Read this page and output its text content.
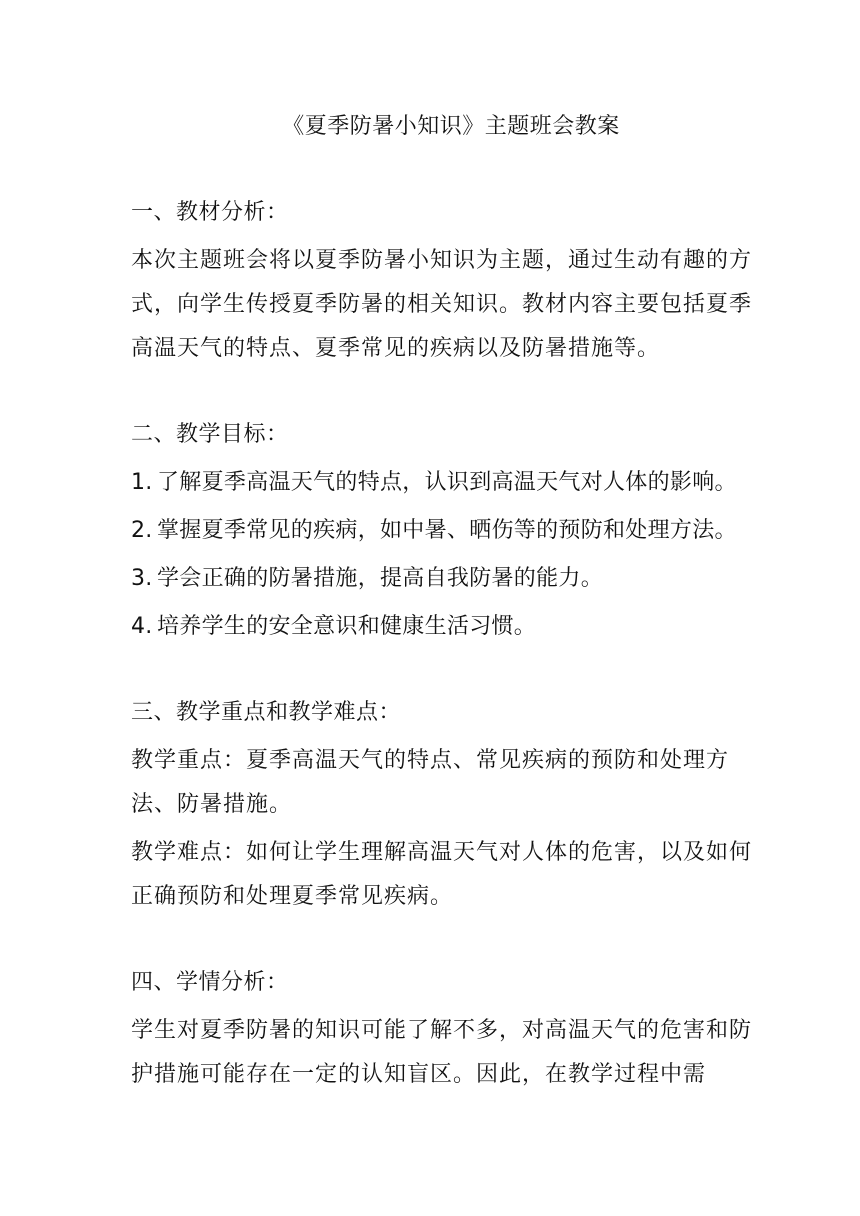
《夏季防暑小知识》主题班会教案
一、教材分析：
本次主题班会将以夏季防暑小知识为主题，通过生动有趣的方式，向学生传授夏季防暑的相关知识。教材内容主要包括夏季高温天气的特点、夏季常见的疾病以及防暑措施等。
二、教学目标：
1. 了解夏季高温天气的特点，认识到高温天气对人体的影响。
2. 掌握夏季常见的疾病，如中暑、晒伤等的预防和处理方法。
3. 学会正确的防暑措施，提高自我防暑的能力。
4. 培养学生的安全意识和健康生活习惯。
三、教学重点和教学难点：
教学重点：夏季高温天气的特点、常见疾病的预防和处理方法、防暑措施。
教学难点：如何让学生理解高温天气对人体的危害，以及如何正确预防和处理夏季常见疾病。
四、学情分析：
学生对夏季防暑的知识可能了解不多，对高温天气的危害和防护措施可能存在一定的认知盲区。因此，在教学过程中需
